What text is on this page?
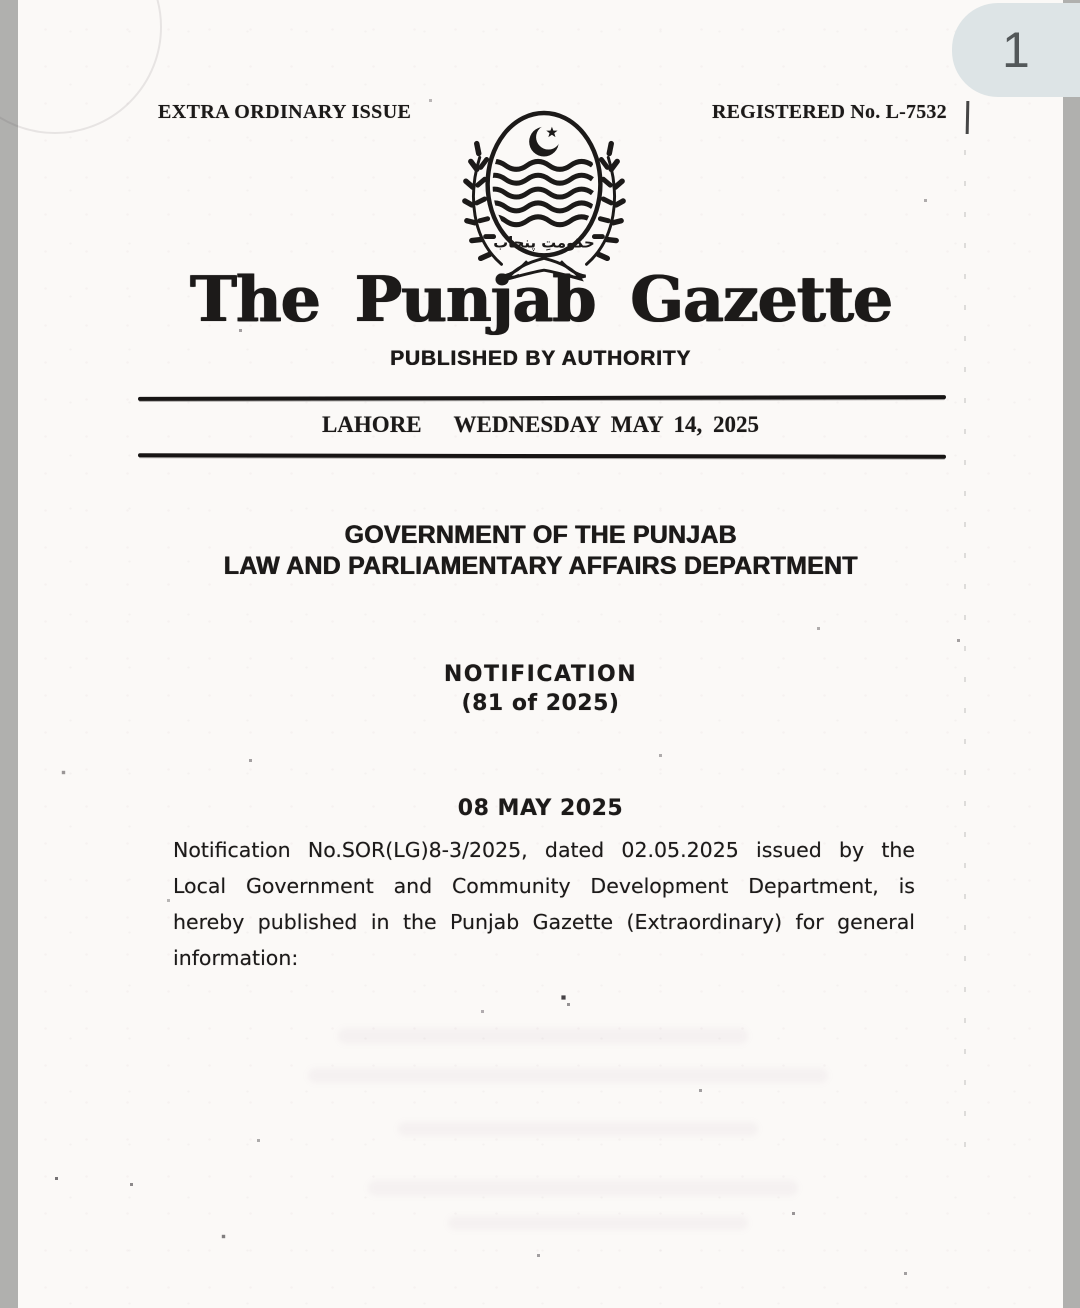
EXTRA ORDINARY ISSUE	REGISTERED No. L-7532
حکومتِ پنجاب
The Punjab Gazette
PUBLISHED BY AUTHORITY
LAHORE   WEDNESDAY MAY 14, 2025
GOVERNMENT OF THE PUNJAB
LAW AND PARLIAMENTARY AFFAIRS DEPARTMENT
NOTIFICATION
(81 of 2025)
08 MAY 2025
Notification No.SOR(LG)8-3/2025, dated 02.05.2025 issued by the
Local Government and Community Development Department, is
hereby published in the Punjab Gazette (Extraordinary) for general
information:
1
